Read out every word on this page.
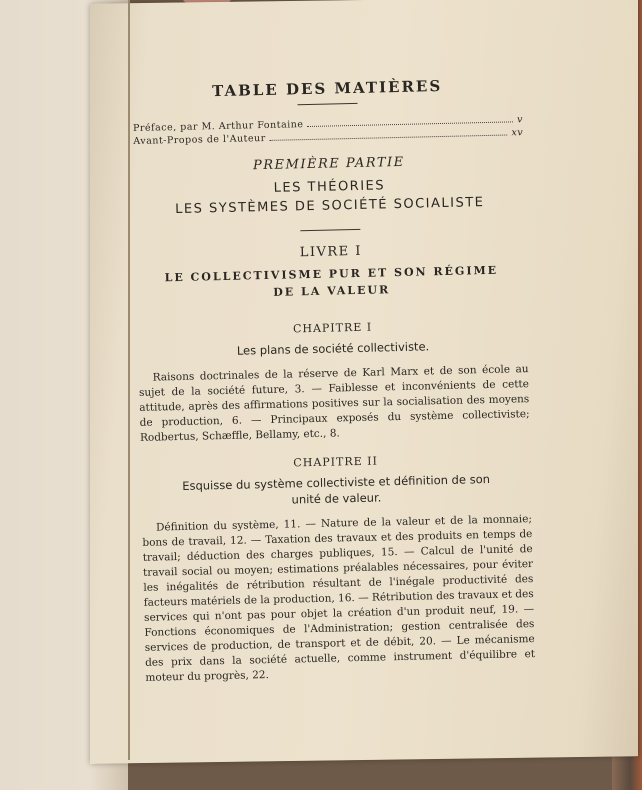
TABLE DES MATIÈRES
Préface, par M. Arthur Fontaine	v
Avant-Propos de l'Auteur
xv
PREMIÈRE PARTIE

LES THÉORIES

LES SYSTÈMES DE SOCIÉTÉ SOCIALISTE

LIVRE I

LE COLLECTIVISME PUR ET SON RÉGIME
DE LA VALEUR

CHAPITRE I

Les plans de société collectiviste.

Raisons doctrinales de la réserve de Karl Marx et de son école au sujet de la société future, 3. — Faiblesse et inconvénients de cette attitude, après des affirmations positives sur la socialisation des moyens de production, 6. — Principaux exposés du système collectiviste; Rodbertus, Schæffle, Bellamy, etc., 8.

CHAPITRE II

Esquisse du système collectiviste et définition de son unité de valeur.

Définition du système, 11. — Nature de la valeur et de la monnaie; bons de travail, 12. — Taxation des travaux et des produits en temps de travail; déduction des charges publiques, 15. — Calcul de l'unité de travail social ou moyen; estimations préalables nécessaires, pour éviter les inégalités de rétribution résultant de l'inégale productivité des facteurs matériels de la production, 16. — Rétribution des travaux et des services qui n'ont pas pour objet la création d'un produit neuf, 19. — Fonctions économiques de l'Administration; gestion centralisée des services de production, de transport et de débit, 20. — Le mécanisme des prix dans la société actuelle, comme instrument d'équilibre et moteur du progrès, 22.
